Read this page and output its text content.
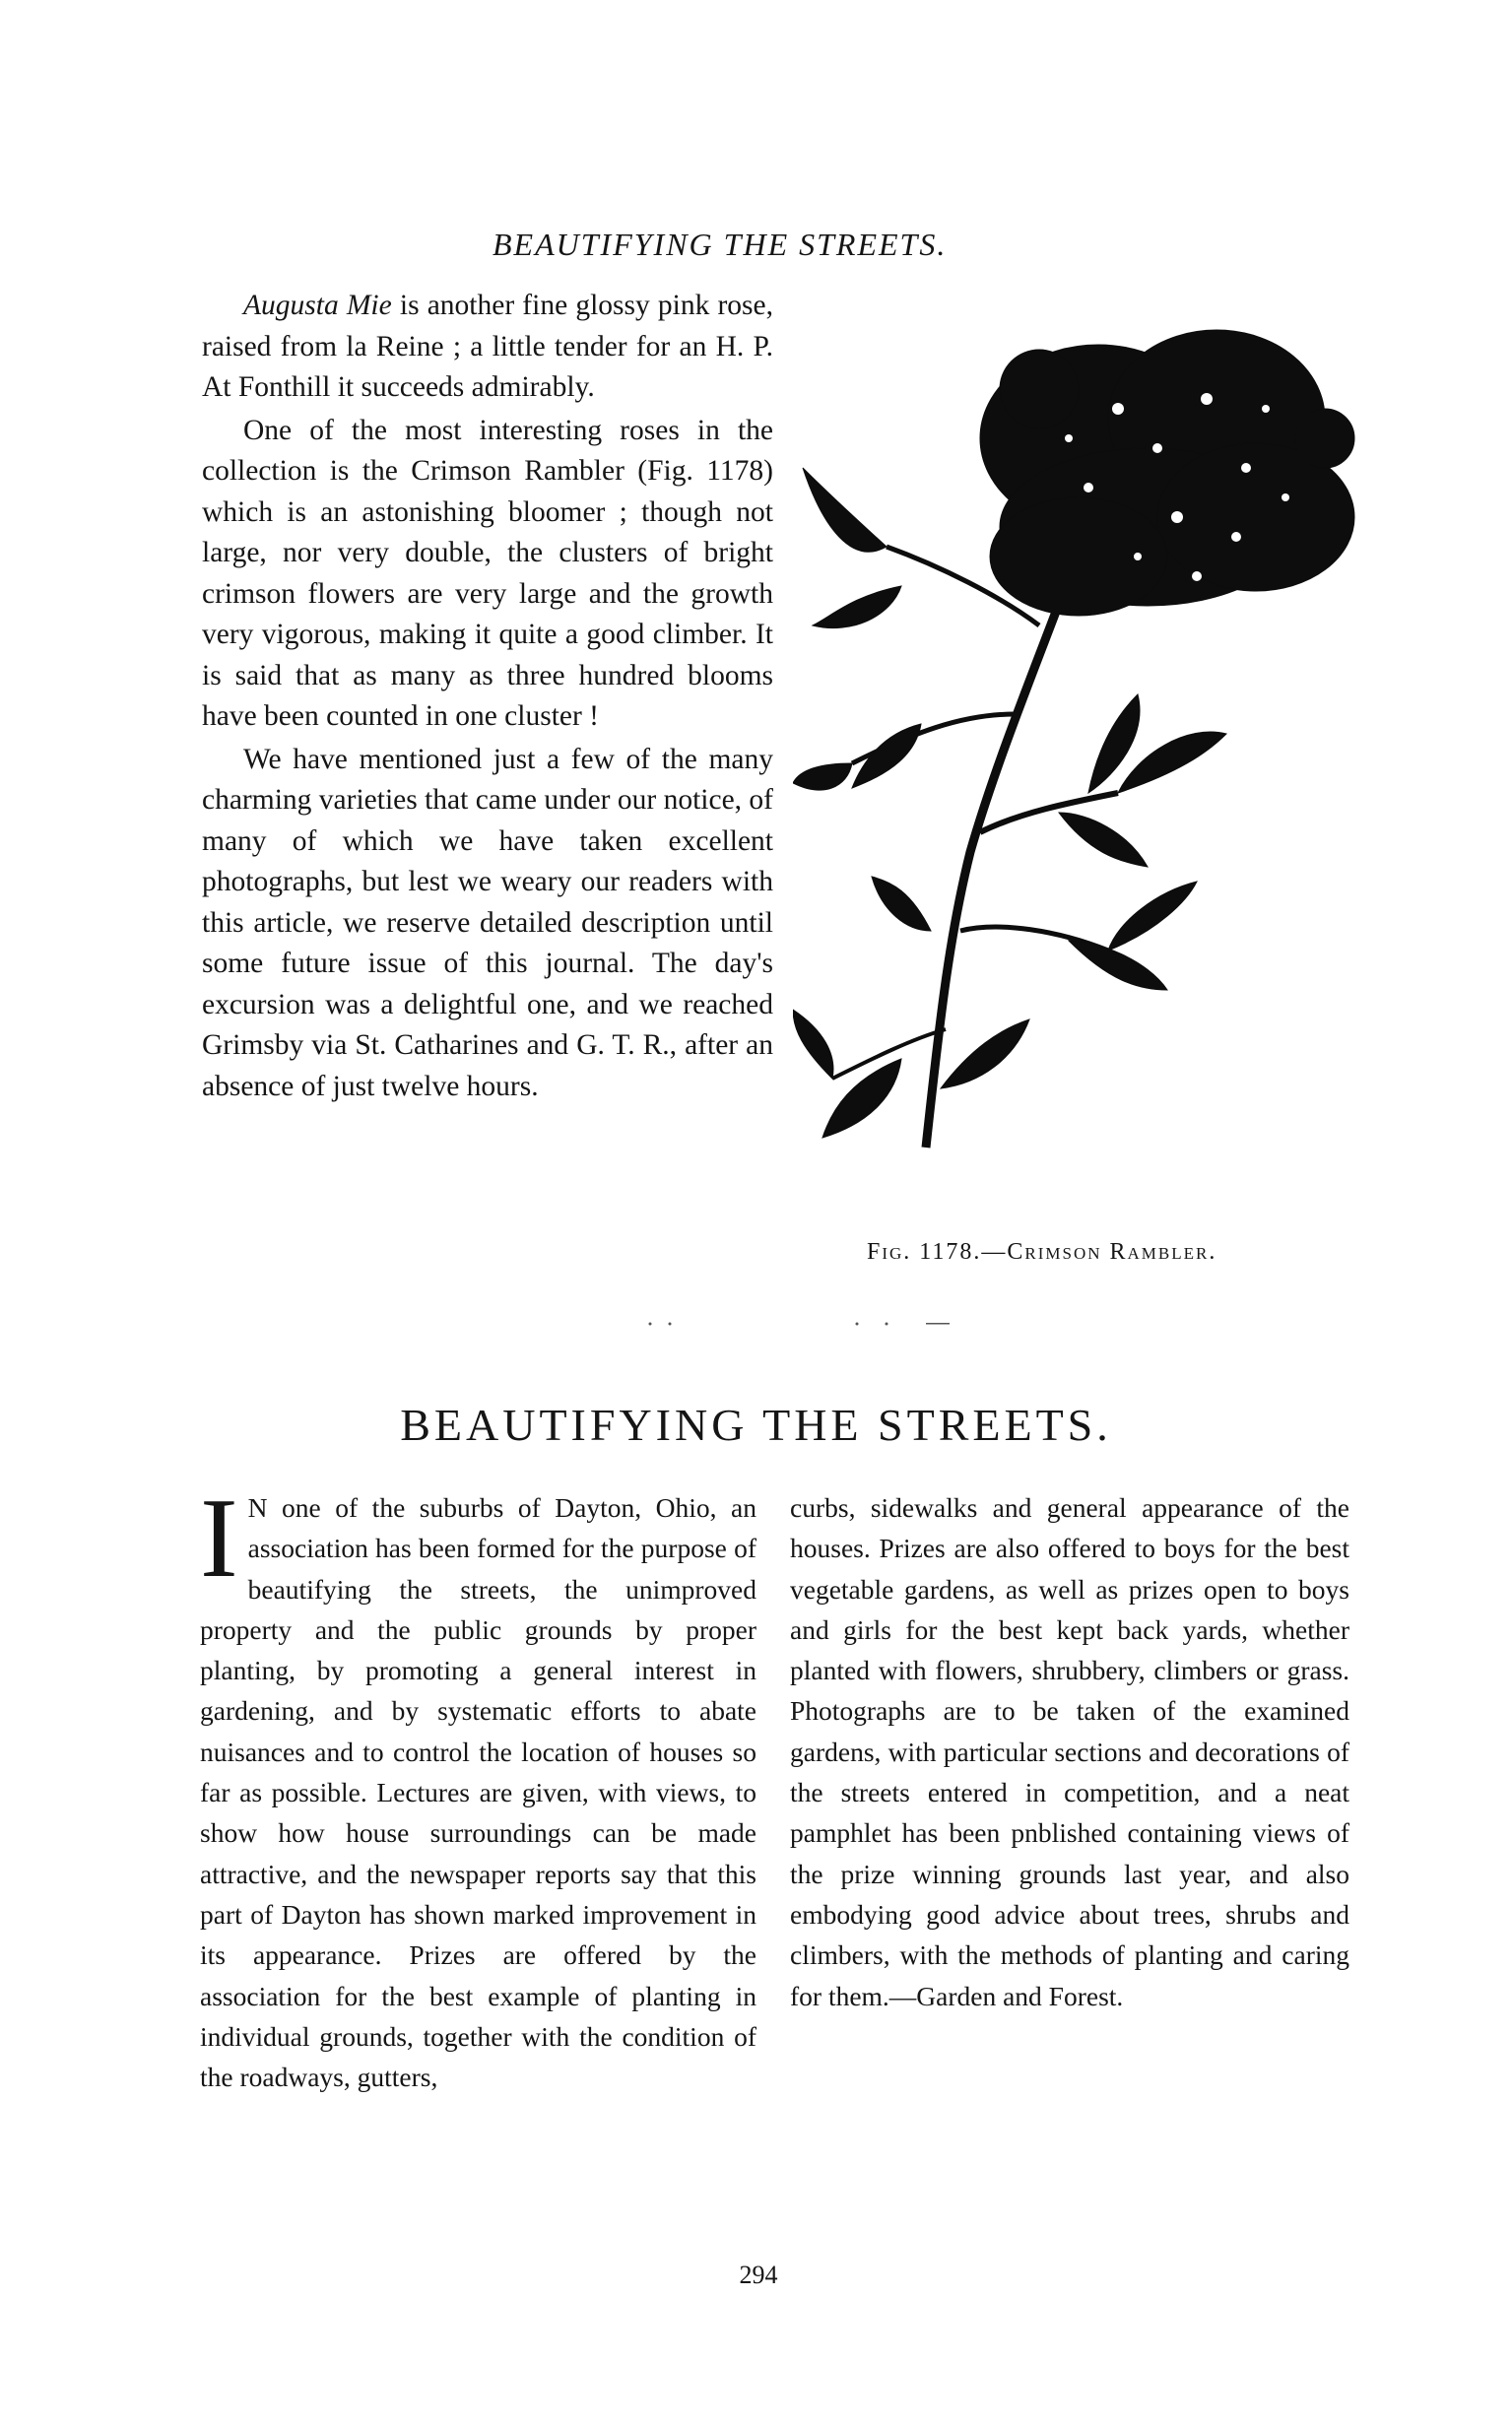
BEAUTIFYING THE STREETS.

Augusta Mie is another fine glossy pink rose, raised from la Reine ; a little tender for an H. P. At Fonthill it succeeds admirably.

One of the most interesting roses in the collection is the Crimson Rambler (Fig. 1178) which is an astonishing bloomer ; though not large, nor very double, the clusters of bright crimson flowers are very large and the growth very vigorous, making it quite a good climber. It is said that as many as three hundred blooms have been counted in one cluster !

We have mentioned just a few of the many charming varieties that came under our notice, of many of which we have taken excellent photographs, but lest we weary our readers with this article, we reserve detailed description until some future issue of this journal. The day's excursion was a delightful one, and we reached Grimsby via St. Catharines and G. T. R., after an absence of just twelve hours.

Fig. 1178.—Crimson Rambler.
BEAUTIFYING THE STREETS.

I N one of the suburbs of Dayton, Ohio, an association has been formed for the purpose of beautifying the streets, the unimproved property and the public grounds by proper planting, by promoting a general interest in gardening, and by systematic efforts to abate nuisances and to control the location of houses so far as possible. Lectures are given, with views, to show how house surroundings can be made attractive, and the newspaper reports say that this part of Dayton has shown marked improvement in its appearance. Prizes are offered by the association for the best example of planting in individual grounds, together with the condition of the roadways, gutters,

curbs, sidewalks and general appearance of the houses. Prizes are also offered to boys for the best vegetable gardens, as well as prizes open to boys and girls for the best kept back yards, whether planted with flowers, shrubbery, climbers or grass. Photographs are to be taken of the examined gardens, with particular sections and decorations of the streets entered in competition, and a neat pamphlet has been pnblished containing views of the prize winning grounds last year, and also embodying good advice about trees, shrubs and climbers, with the methods of planting and caring for them.—Garden and Forest.

294
